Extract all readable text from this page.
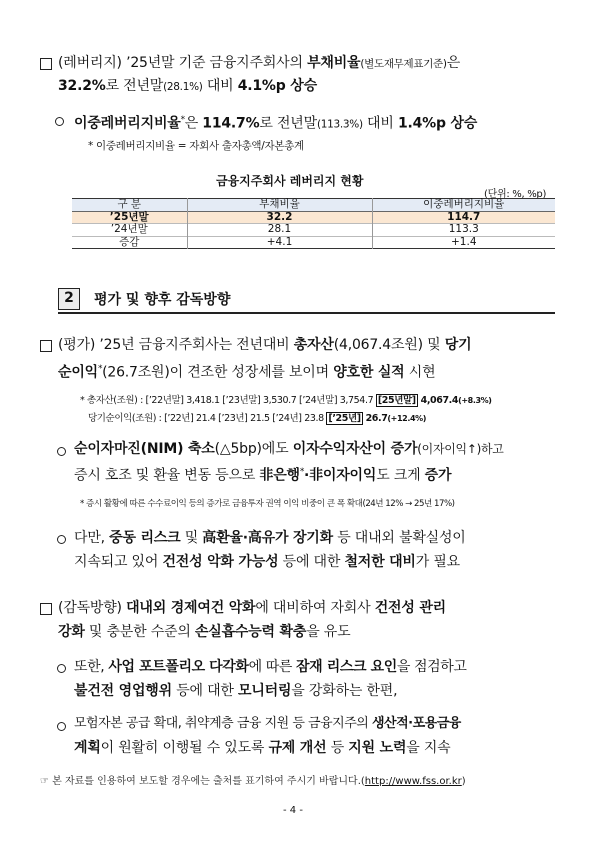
(레버리지) ’25년말 기준 금융지주회사의 부채비율(별도재무제표기준)은
32.2%로 전년말(28.1%) 대비 4.1%p 상승
이중레버리지비율*은 114.7%로 전년말(113.3%) 대비 1.4%p 상승
* 이중레버리지비율 = 자회사 출자총액/자본총계
금융지주회사 레버리지 현황
(단위: %, %p)
구 분	부채비율	이중레버리지비율
’25년말	32.2	114.7
’24년말	28.1	113.3
증감	+4.1	+1.4
2	평가 및 향후 감독방향
(평가) ’25년 금융지주회사는 전년대비 총자산(4,067.4조원) 및 당기
순이익*(26.7조원)이 견조한 성장세를 보이며 양호한 실적 시현
* 총자산(조원) : [’22년말] 3,418.1 [’23년말] 3,530.7 [’24년말] 3,754.7 [25년말] 4,067.4(+8.3%)
당기순이익(조원) : [’22년] 21.4 [’23년] 21.5 [’24년] 23.8 [’25년] 26.7(+12.4%)
순이자마진(NIM) 축소(△5bp)에도 이자수익자산이 증가(이자이익↑)하고
증시 호조 및 환율 변동 등으로 非은행*·非이자이익도 크게 증가
* 증시 활황에 따른 수수료이익 등의 증가로 금융투자 권역 이익 비중이 큰 폭 확대(24년 12% → 25년 17%)
다만, 중동 리스크 및 高환율·高유가 장기화 등 대내외 불확실성이
지속되고 있어 건전성 악화 가능성 등에 대한 철저한 대비가 필요
(감독방향) 대내외 경제여건 악화에 대비하여 자회사 건전성 관리
강화 및 충분한 수준의 손실흡수능력 확충을 유도
또한, 사업 포트폴리오 다각화에 따른 잠재 리스크 요인을 점검하고
불건전 영업행위 등에 대한 모니터링을 강화하는 한편,
모험자본 공급 확대, 취약계층 금융 지원 등 금융지주의 생산적·포용금융
계획이 원활히 이행될 수 있도록 규제 개선 등 지원 노력을 지속
☞ 본 자료를 인용하여 보도할 경우에는 출처를 표기하여 주시기 바랍니다.(http://www.fss.or.kr)
- 4 -
